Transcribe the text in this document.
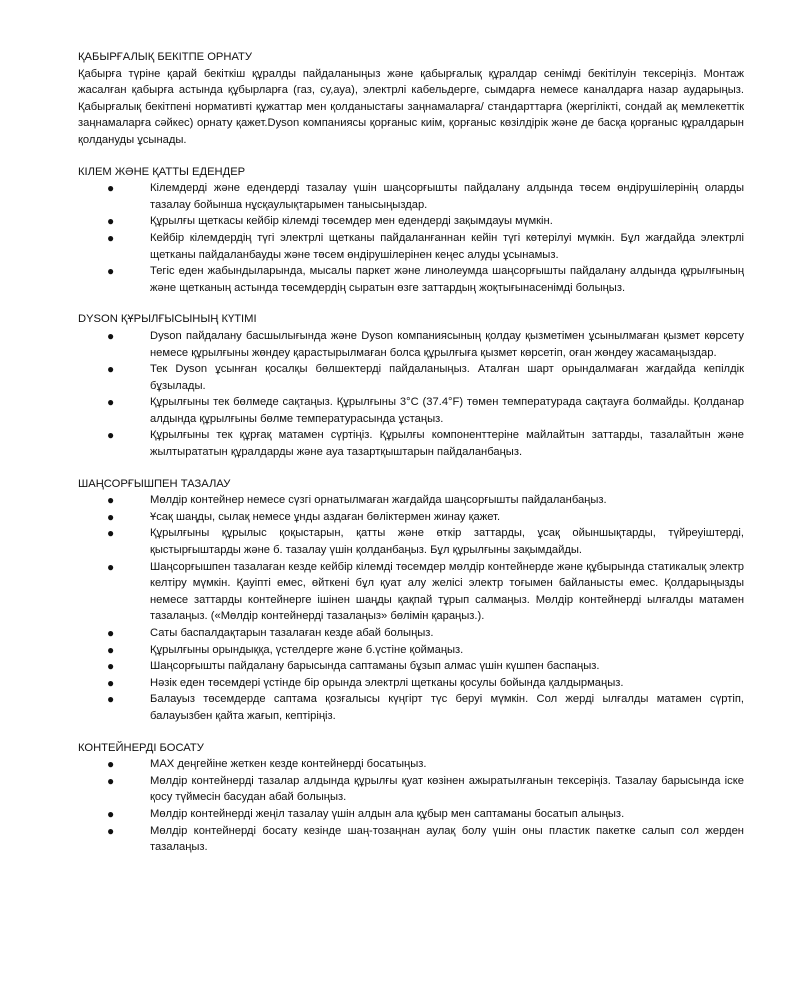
ҚАБЫРҒАЛЫҚ БЕКІТПЕ ОРНАТУ

Қабырға түріне қарай бекіткіш құралды пайдаланыңыз және қабырғалық құралдар сенімді бекітілуін тексеріңіз. Монтаж жасалған қабырға астында құбырларға (газ, су,ауа), электрлі кабельдерге, сымдарға немесе каналдарға назар аударыңыз. Қабырғалық бекітпені нормативті құжаттар мен қолданыстағы заңнамаларға/ стандарттарға (жергілікті, сондай ақ мемлекеттік заңнамаларға сәйкес) орнату қажет.Dyson компаниясы қорғаныс киім, қорғаныс көзілдірік және де басқа қорғаныс құралдарын қолдануды ұсынады.

КІЛЕМ ЖӘНЕ ҚАТТЫ ЕДЕНДЕР
●	Кілемдерді және едендерді тазалау үшін шаңсорғышты пайдалану алдында төсем өндірушілерінің оларды тазалау бойынша нұсқаулықтарымен танысыңыздар.
●	Құрылғы щеткасы кейбір кілемді төсемдер мен едендерді зақымдауы мүмкін.
●	Кейбір кілемдердің түгі электрлі щетканы пайдаланғаннан кейін түгі көтерілуі мүмкін. Бұл жағдайда электрлі щетканы пайдаланбауды және төсем өндірушілерінен кеңес алуды ұсынамыз.
●	Тегіс еден жабындыларында, мысалы паркет және линолеумда шаңсорғышты пайдалану алдында құрылғының және щетканың астында төсемдердің сыратын өзге заттардың жоқтығынасенімді болыңыз.
DYSON ҚҰРЫЛҒЫСЫНЫҢ КҮТІМІ
●	Dyson пайдалану басшылығында және Dyson компаниясының қолдау қызметімен ұсынылмаған қызмет көрсету немесе құрылғыны жөндеу қарастырылмаған болса құрылғыға қызмет көрсетіп, оған жөндеу жасамаңыздар.
●	Тек Dyson ұсынған қосалқы бөлшектерді пайдаланыңыз. Аталған шарт орындалмаған жағдайда кепілдік бұзылады.
●	Құрылғыны тек бөлмеде сақтаңыз. Құрылғыны 3°C (37.4°F) төмен температурада сақтауға болмайды. Қолданар алдында құрылғыны бөлме температурасында ұстаңыз.
●	Құрылғыны тек құрғақ матамен сүртіңіз. Құрылғы компоненттеріне майлайтын заттарды, тазалайтын және жылтырататын құралдарды және ауа тазартқыштарын пайдаланбаңыз.
ШАҢСОРҒЫШПЕН ТАЗАЛАУ
●	Мөлдір контейнер немесе сүзгі орнатылмаған жағдайда шаңсорғышты пайдаланбаңыз.
●	Ұсақ шаңды, сылақ немесе ұнды аздаған бөліктермен жинау қажет.
●	Құрылғыны құрылыс қоқыстарын, қатты және өткір заттарды, ұсақ ойыншықтарды, түйреуіштерді, қыстырғыштарды және б. тазалау үшін қолданбаңыз. Бұл құрылғыны зақымдайды.
●	Шаңсорғышпен тазалаған кезде кейбір кілемді төсемдер мөлдір контейнерде және құбырында статикалық электр келтіру мүмкін. Қауіпті емес, өйткені бұл қуат алу желісі электр тоғымен байланысты емес. Қолдарыңызды немесе заттарды контейнерге ішінен шаңды қақпай тұрып салмаңыз. Мөлдір контейнерді ылғалды матамен тазалаңыз. («Мөлдір контейнерді тазалаңыз» бөлімін қараңыз.).
●	Саты баспалдақтарын тазалаған кезде абай болыңыз.
●	Құрылғыны орындыққа, үстелдерге және б.үстіне қоймаңыз.
●	Шаңсорғышты пайдалану барысында саптаманы бұзып алмас үшін күшпен баспаңыз.
●	Нәзік еден төсемдері үстінде бір орында электрлі щетканы қосулы бойында қалдырмаңыз.
●	Балауыз төсемдерде саптама қозғалысы күңгірт түс беруі мүмкін. Сол жерді ылғалды матамен сүртіп, балауызбен қайта жағып, кептіріңіз.
КОНТЕЙНЕРДІ БОСАТУ
●	MAX деңгейіне жеткен кезде контейнерді босатыңыз.
●	Мөлдір контейнерді тазалар алдында құрылғы қуат көзінен ажыратылғанын тексеріңіз. Тазалау барысында іске қосу түймесін басудан абай болыңыз.
●	Мөлдір контейнерді жеңіл тазалау үшін алдын ала құбыр мен саптаманы босатып алыңыз.
●	Мөлдір контейнерді босату кезінде шаң-тозаңнан аулақ болу үшін оны пластик пакетке салып сол жерден тазалаңыз.
